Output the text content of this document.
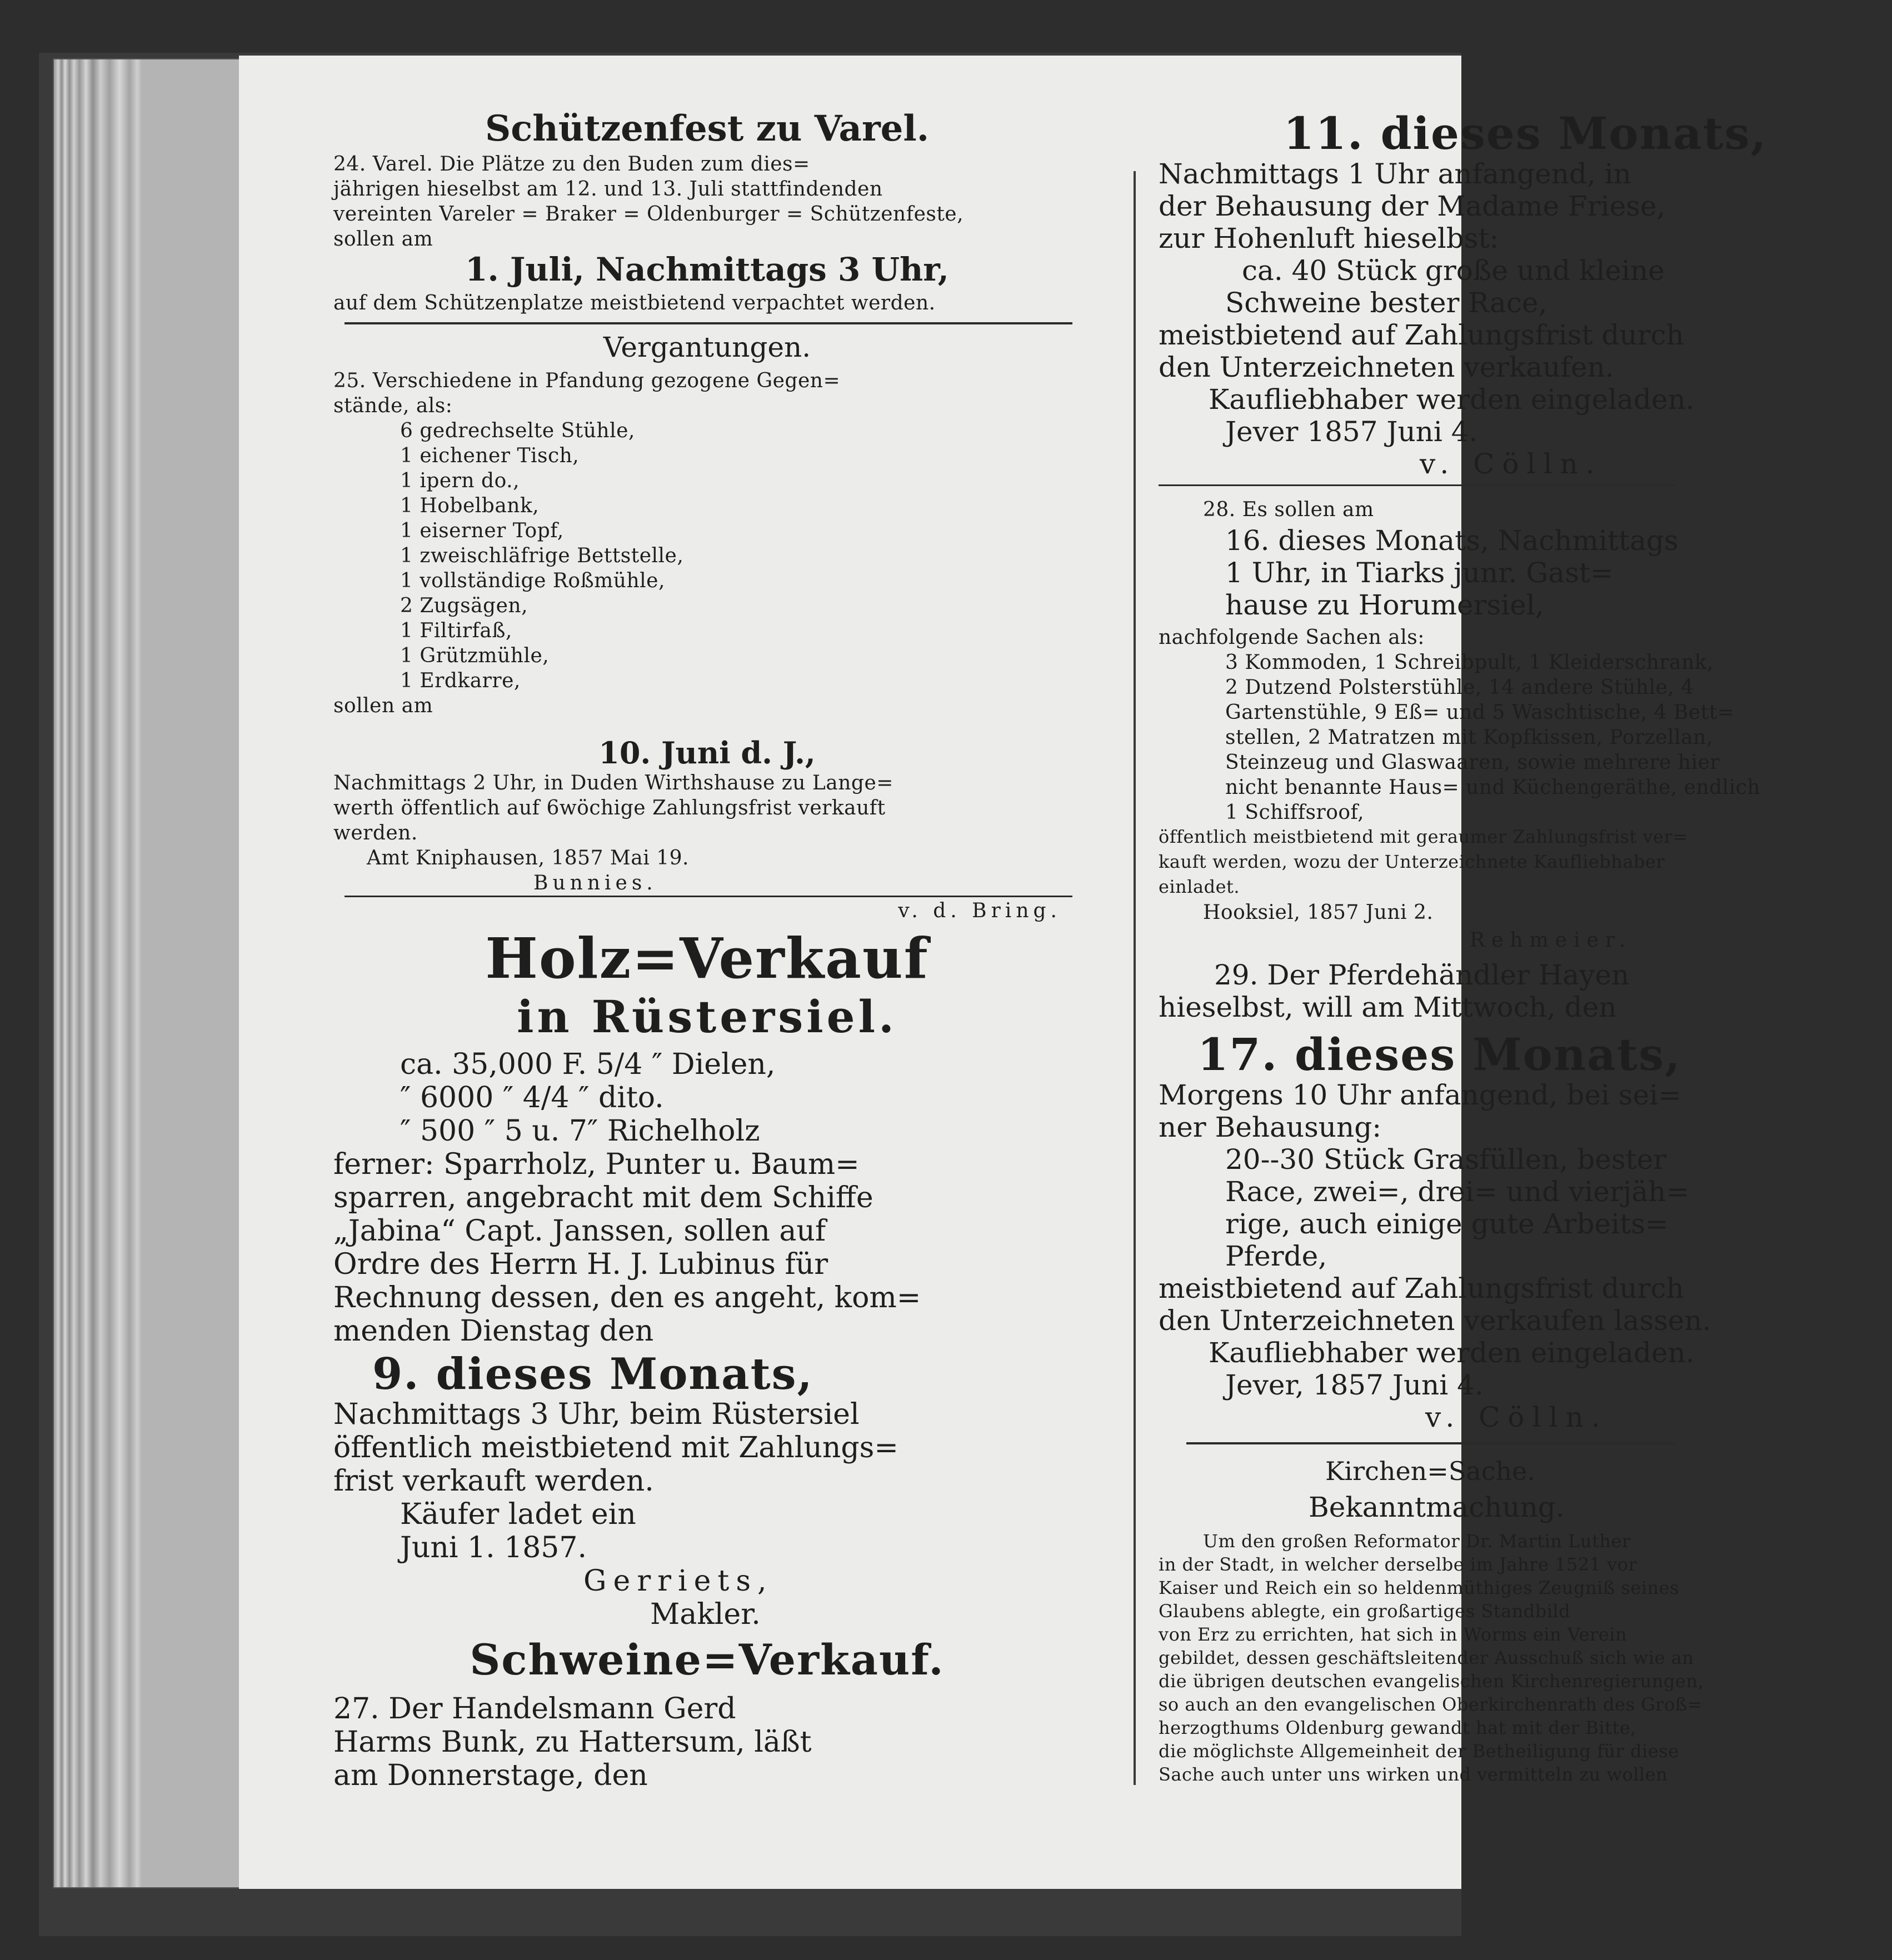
Schützenfest zu Varel.
24. Varel. Die Plätze zu den Buden zum dies=
jährigen hieselbst am 12. und 13. Juli stattfindenden
vereinten Vareler = Braker = Oldenburger = Schützenfeste,
sollen am
1. Juli, Nachmittags 3 Uhr,
auf dem Schützenplatze meistbietend verpachtet werden.
Vergantungen.
25. Verschiedene in Pfandung gezogene Gegen=
stände, als:
6 gedrechselte Stühle,
1 eichener Tisch,
1 ipern do.,
1 Hobelbank,
1 eiserner Topf,
1 zweischläfrige Bettstelle,
1 vollständige Roßmühle,
2 Zugsägen,
1 Filtirfaß,
1 Grützmühle,
1 Erdkarre,
sollen am
10. Juni d. J.,
Nachmittags 2 Uhr, in Duden Wirthshause zu Lange=
werth öffentlich auf 6wöchige Zahlungsfrist verkauft
werden.
Amt Kniphausen, 1857 Mai 19.
Bunnies.
v. d. Bring.
Holz=Verkauf
in Rüstersiel.
ca. 35,000 F. 5/4 ″ Dielen,
″ 6000 ″ 4/4 ″ dito.
″ 500 ″ 5 u. 7″ Richelholz
ferner: Sparrholz, Punter u. Baum=
sparren, angebracht mit dem Schiffe
„Jabina“ Capt. Janssen, sollen auf
Ordre des Herrn H. J. Lubinus für
Rechnung dessen, den es angeht, kom=
menden Dienstag den
9. dieses Monats,
Nachmittags 3 Uhr, beim Rüstersiel
öffentlich meistbietend mit Zahlungs=
frist verkauft werden.
Käufer ladet ein
Juni 1. 1857.
Gerriets,
Makler.
Schweine=Verkauf.
27. Der Handelsmann Gerd
Harms Bunk, zu Hattersum, läßt
am Donnerstage, den
11. dieses Monats,
Nachmittags 1 Uhr anfangend, in
der Behausung der Madame Friese,
zur Hohenluft hieselbst:
ca. 40 Stück große und kleine
Schweine bester Race,
meistbietend auf Zahlungsfrist durch
den Unterzeichneten verkaufen.
Kaufliebhaber werden eingeladen.
Jever 1857 Juni 4.
v. Cölln.
28. Es sollen am
16. dieses Monats, Nachmittags
1 Uhr, in Tiarks junr. Gast=
hause zu Horumersiel,
nachfolgende Sachen als:
3 Kommoden, 1 Schreibpult, 1 Kleiderschrank,
2 Dutzend Polsterstühle, 14 andere Stühle, 4
Gartenstühle, 9 Eß= und 5 Waschtische, 4 Bett=
stellen, 2 Matratzen mit Kopfkissen, Porzellan,
Steinzeug und Glaswaaren, sowie mehrere hier
nicht benannte Haus= und Küchengeräthe, endlich
1 Schiffsroof,
öffentlich meistbietend mit geraumer Zahlungsfrist ver=
kauft werden, wozu der Unterzeichnete Kaufliebhaber
einladet.
Hooksiel, 1857 Juni 2.
Rehmeier.
29. Der Pferdehändler Hayen
hieselbst, will am Mittwoch, den
17. dieses Monats,
Morgens 10 Uhr anfangend, bei sei=
ner Behausung:
20--30 Stück Grasfüllen, bester
Race, zwei=, drei= und vierjäh=
rige, auch einige gute Arbeits=
Pferde,
meistbietend auf Zahlungsfrist durch
den Unterzeichneten verkaufen lassen.
Kaufliebhaber werden eingeladen.
Jever, 1857 Juni 4.
v. Cölln.
Kirchen=Sache.
Bekanntmachung.
Um den großen Reformator Dr. Martin Luther
in der Stadt, in welcher derselbe im Jahre 1521 vor
Kaiser und Reich ein so heldenmüthiges Zeugniß seines
Glaubens ablegte, ein großartiges Standbild
von Erz zu errichten, hat sich in Worms ein Verein
gebildet, dessen geschäftsleitender Ausschuß sich wie an
die übrigen deutschen evangelischen Kirchenregierungen,
so auch an den evangelischen Oberkirchenrath des Groß=
herzogthums Oldenburg gewandt hat mit der Bitte,
die möglichste Allgemeinheit der Betheiligung für diese
Sache auch unter uns wirken und vermitteln zu wollen
